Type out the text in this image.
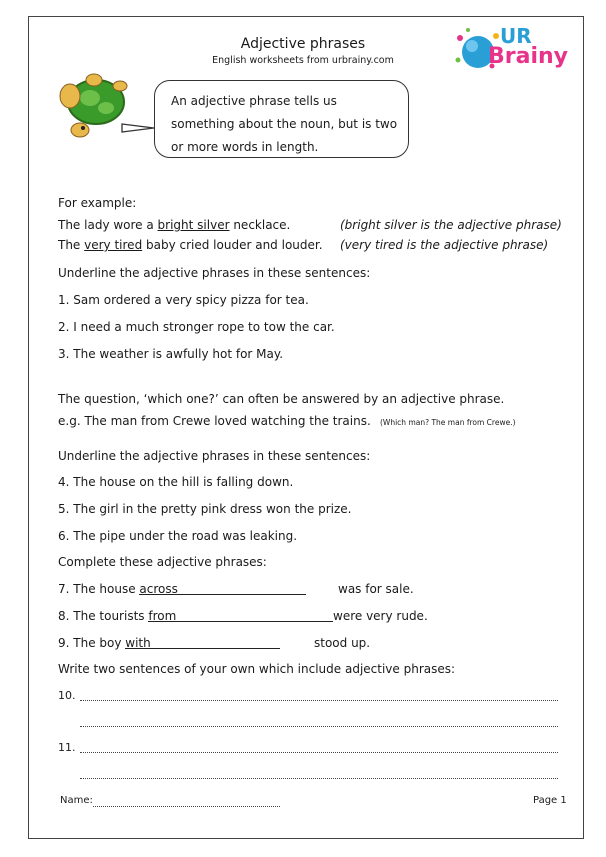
Adjective phrases
English worksheets from urbrainy.com
UR
Brainy
An adjective phrase tells us something about the noun, but is two or more words in length.
For example:
The lady wore a bright silver necklace.	(bright silver is the adjective phrase)
The very tired baby cried louder and louder. (very tired is the adjective phrase)
Underline the adjective phrases in these sentences:
1. Sam ordered a very spicy pizza for tea.
2. I need a much stronger rope to tow the car.
3. The weather is awfully hot for May.
The question, ‘which one?’ can often be answered by an adjective phrase.
e.g. The man from Crewe loved watching the trains. (Which man? The man from Crewe.)
Underline the adjective phrases in these sentences:
4. The house on the hill is falling down.
5. The girl in the pretty pink dress won the prize.
6. The pipe under the road was leaking.
Complete these adjective phrases:
7. The house across	was for sale.
8. The tourists from	were very rude.
9. The boy with	stood up.
Write two sentences of your own which include adjective phrases:
10.
11.
Name:	Page 1
